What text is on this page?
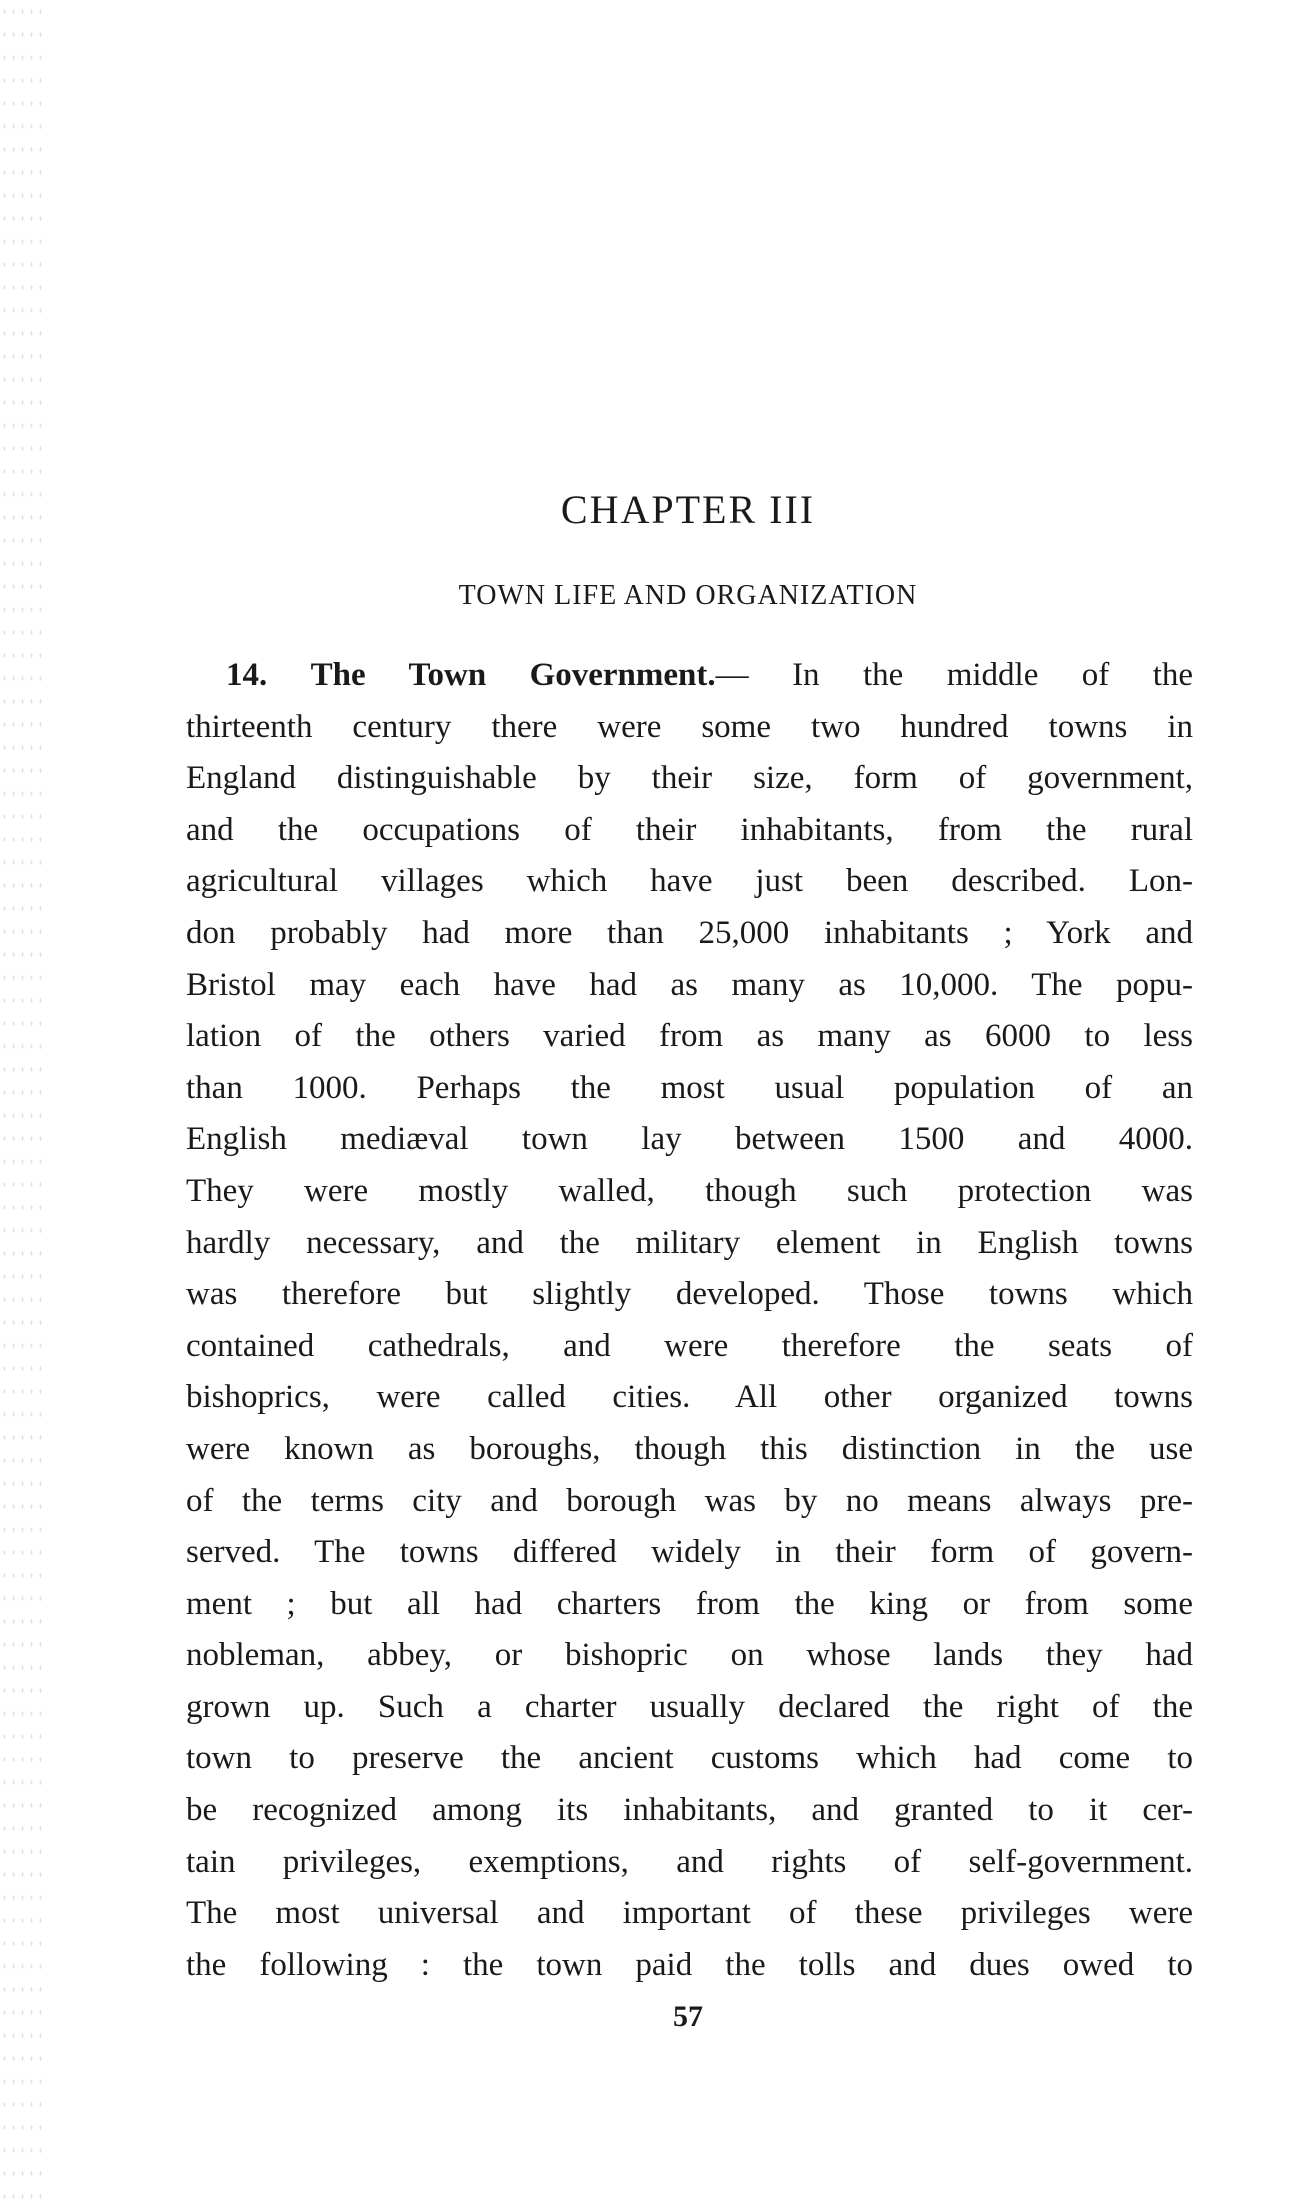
CHAPTER III
TOWN LIFE AND ORGANIZATION
14. The Town Government.— In the middle of the
thirteenth century there were some two hundred towns in
England distinguishable by their size, form of government,
and the occupations of their inhabitants, from the rural
agricultural villages which have just been described. Lon-
don probably had more than 25,000 inhabitants ; York and
Bristol may each have had as many as 10,000. The popu-
lation of the others varied from as many as 6000 to less
than 1000. Perhaps the most usual population of an
English mediæval town lay between 1500 and 4000.
They were mostly walled, though such protection was
hardly necessary, and the military element in English towns
was therefore but slightly developed. Those towns which
contained cathedrals, and were therefore the seats of
bishoprics, were called cities. All other organized towns
were known as boroughs, though this distinction in the use
of the terms city and borough was by no means always pre-
served. The towns differed widely in their form of govern-
ment ; but all had charters from the king or from some
nobleman, abbey, or bishopric on whose lands they had
grown up. Such a charter usually declared the right of the
town to preserve the ancient customs which had come to
be recognized among its inhabitants, and granted to it cer-
tain privileges, exemptions, and rights of self-government.
The most universal and important of these privileges were
the following : the town paid the tolls and dues owed to

57
